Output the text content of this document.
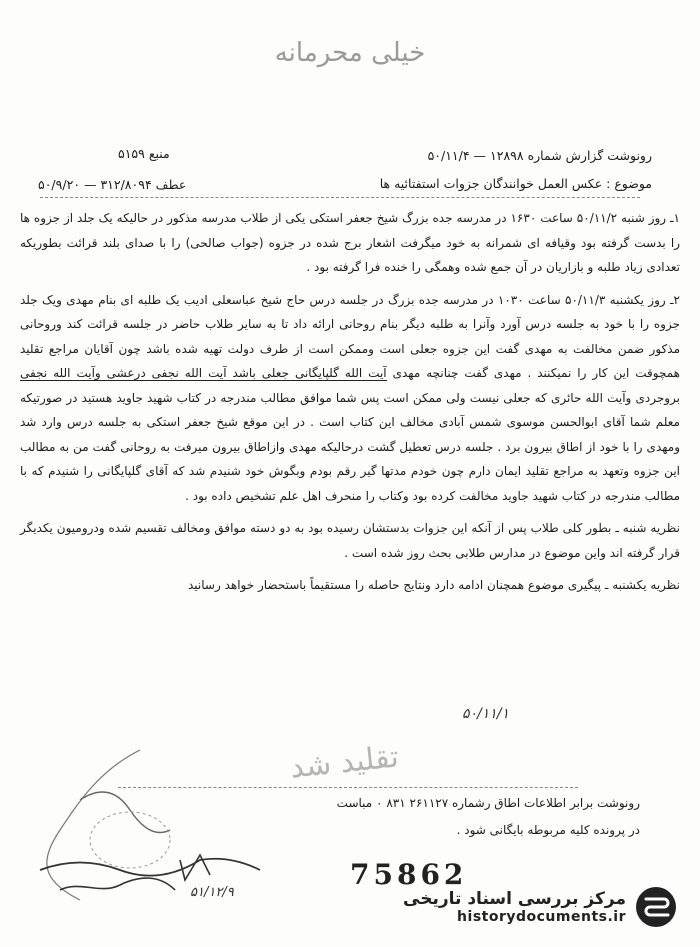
خیلی محرمانه
رونوشت گزارش شماره ۱۲۸۹۸ — ۵۰/۱۱/۴
منبع ۵۱۵۹
موضوع : عکس العمل خوانندگان جزوات استفتائیه ها
عطف ۳۱۲/۸۰۹۴ — ۵۰/۹/۲۰

۱ـ روز شنبه ۵۰/۱۱/۲ ساعت ۱۶۳۰ در مدرسه جده بزرگ شیخ جعفر استکی یکی از طلاب مدرسه مذکور در حالیکه یک جلد از جزوه ها را بدست گرفته بود وقیافه ای شمرانه به خود میگرفت اشعار برج شده در جزوه (جواب صالحی) را با صدای بلند قرائت بطوریکه تعدادی زیاد طلبه و بازاریان در آن جمع شده وهمگی را خنده فرا گرفته بود .

۲ـ روز یکشنبه ۵۰/۱۱/۳ ساعت ۱۰۳۰ در مدرسه جده بزرگ در جلسه درس حاج شیخ عباسعلی ادیب یک طلبه ای بنام مهدی ویک جلد جزوه را با خود به جلسه درس آورد وآنرا به طلبه دیگر بنام روحانی ارائه داد تا به سایر طلاب حاضر در جلسه قرائت کند وروحانی مذکور ضمن مخالفت به مهدی گفت این جزوه جعلی است وممکن است از طرف دولت تهیه شده باشد چون آقایان مراجع تقلید همچوقت این کار را نمیکنند . مهدی گفت چنانچه مهدی آیت الله گلپایگانی جعلی باشد آیت الله نجفی درعشی وآیت الله نجفی بروجردی وآیت الله حائری که جعلی نیست ولی ممکن است پس شما موافق مطالب مندرجه در کتاب شهید جاوید هستید در صورتیکه معلم شما آقای ابوالحسن موسوی شمس آبادی مخالف این کتاب است . در این موقع شیخ جعفر استکی به جلسه درس وارد شد ومهدی را با خود از اطاق بیرون برد . جلسه درس تعطیل گشت درحالیکه مهدی وازاطاق بیرون میرفت به روحانی گفت من به مطالب این جزوه وتعهد به مراجع تقلید ایمان دارم چون خودم مدتها گیر رقم بودم وبگوش خود شنیدم شد که آقای گلپایگانی را شنیدم که با مطالب مندرجه در کتاب شهید جاوید مخالفت کرده بود وکتاب را منحرف اهل علم تشخیص داده بود .

نظریه شنبه ـ بطور کلی طلاب پس از آنکه این جزوات بدستشان رسیده بود به دو دسته موافق ومخالف تقسیم شده ودرومیون یکدیگر قرار گرفته اند واین موضوع در مدارس طلابی بحث روز شده است .

نظریه یکشنبه ـ پیگیری موضوع همچنان ادامه دارد ونتایج حاصله را مستقیماً باستحضار خواهد رسانید

۵۰/۱۱/۱
تقلید شد
رونوشت برابر اطلاعات اطاق رشماره ۲۶۱۱۲۷ ۸۳۱ ۰ مباست
در پرونده کلیه مربوطه بایگانی شود .
۵۱/۱۲/۹
75862
مرکز بررسی اسناد تاریخی
historydocuments.ir
